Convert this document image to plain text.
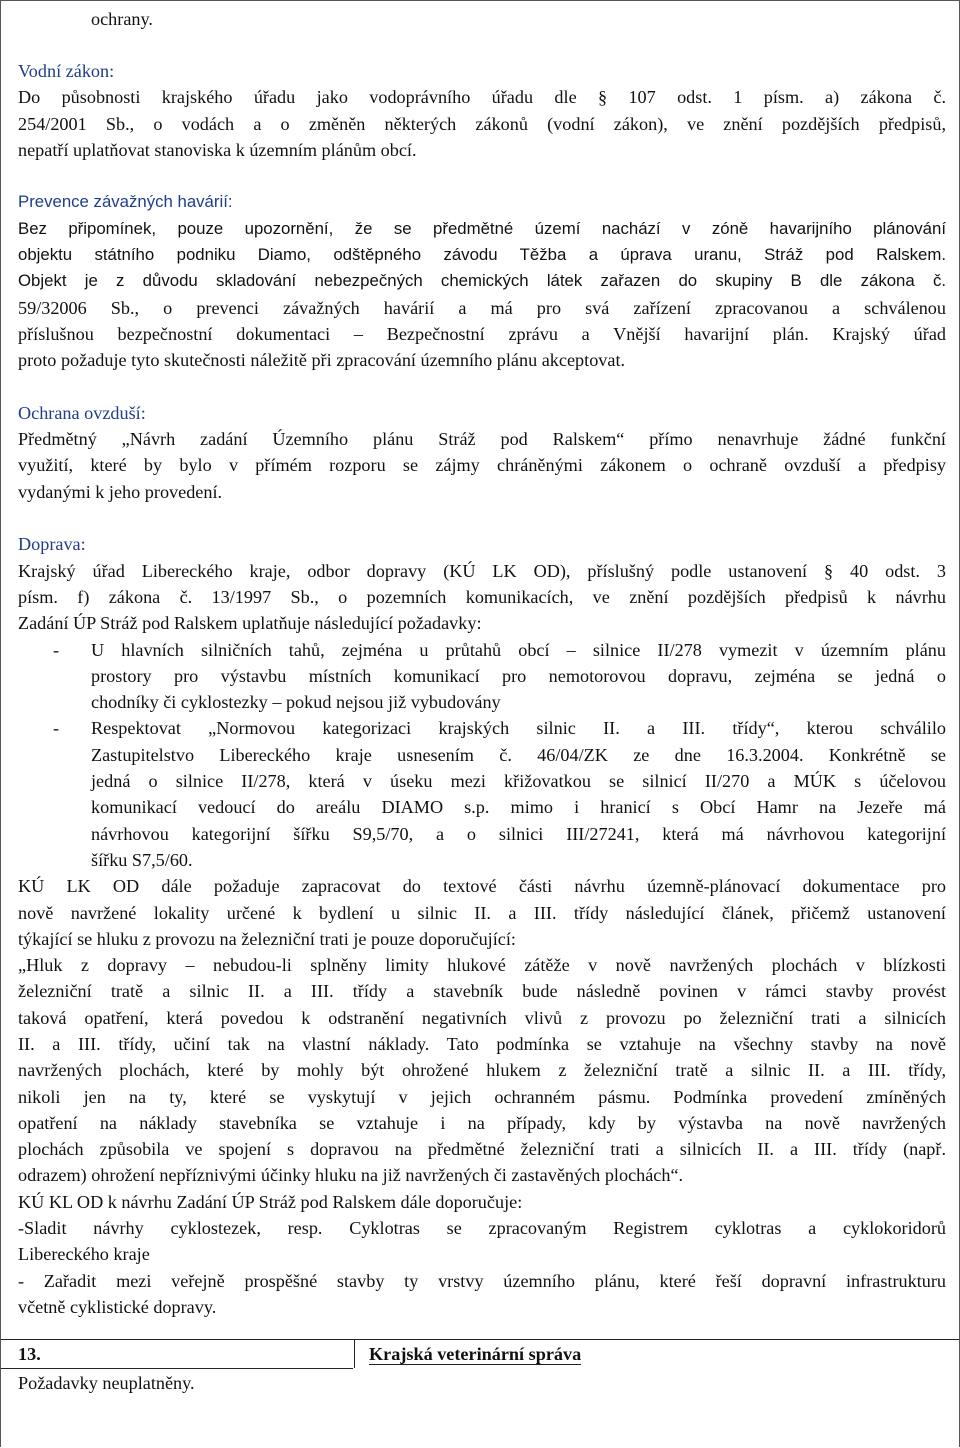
ochrany.

Vodní zákon:
Do působnosti krajského úřadu jako vodoprávního úřadu dle § 107 odst. 1 písm. a) zákona č.
254/2001 Sb., o vodách a o změněn některých zákonů (vodní zákon), ve znění pozdějších předpisů,
nepatří uplatňovat stanoviska k územním plánům obcí.
Prevence závažných havárií:
Bez připomínek, pouze upozornění, že se předmětné území nachází v zóně havarijního plánování
objektu státního podniku Diamo, odštěpného závodu Těžba a úprava uranu, Stráž pod Ralskem.
Objekt je z důvodu skladování nebezpečných chemických látek zařazen do skupiny B dle zákona č.
59/32006 Sb., o prevenci závažných havárií a má pro svá zařízení zpracovanou a schválenou
příslušnou bezpečnostní dokumentaci – Bezpečnostní zprávu a Vnější havarijní plán. Krajský úřad
proto požaduje tyto skutečnosti náležitě při zpracování územního plánu akceptovat.
Ochrana ovzduší:
Předmětný „Návrh zadání Územního plánu Stráž pod Ralskem“ přímo nenavrhuje žádné funkční
využití, které by bylo v přímém rozporu se zájmy chráněnými zákonem o ochraně ovzduší a předpisy
vydanými k jeho provedení.
Doprava:
Krajský úřad Libereckého kraje, odbor dopravy (KÚ LK OD), příslušný podle ustanovení § 40 odst. 3
písm. f) zákona č. 13/1997 Sb., o pozemních komunikacích, ve znění pozdějších předpisů k návrhu
Zadání ÚP Stráž pod Ralskem uplatňuje následující požadavky:
- U hlavních silničních tahů, zejména u průtahů obcí – silnice II/278 vymezit v územním plánu
prostory pro výstavbu místních komunikací pro nemotorovou dopravu, zejména se jedná o
chodníky či cyklostezky – pokud nejsou již vybudovány
- Respektovat „Normovou kategorizaci krajských silnic II. a III. třídy“, kterou schválilo
Zastupitelstvo Libereckého kraje usnesením č. 46/04/ZK ze dne 16.3.2004. Konkrétně se
jedná o silnice II/278, která v úseku mezi křižovatkou se silnicí II/270 a MÚK s účelovou
komunikací vedoucí do areálu DIAMO s.p. mimo i hranicí s Obcí Hamr na Jezeře má
návrhovou kategorijní šířku S9,5/70, a o silnici III/27241, která má návrhovou kategorijní
šířku S7,5/60.
KÚ LK OD dále požaduje zapracovat do textové části návrhu územně-plánovací dokumentace pro
nově navržené lokality určené k bydlení u silnic II. a III. třídy následující článek, přičemž ustanovení
týkající se hluku z provozu na železniční trati je pouze doporučující:
„Hluk z dopravy – nebudou-li splněny limity hlukové zátěže v nově navržených plochách v blízkosti
železniční tratě a silnic II. a III. třídy a stavebník bude následně povinen v rámci stavby provést
taková opatření, která povedou k odstranění negativních vlivů z provozu po železniční trati a silnicích
II. a III. třídy, učiní tak na vlastní náklady. Tato podmínka se vztahuje na všechny stavby na nově
navržených plochách, které by mohly být ohrožené hlukem z železniční tratě a silnic II. a III. třídy,
nikoli jen na ty, které se vyskytují v jejich ochranném pásmu. Podmínka provedení zmíněných
opatření na náklady stavebníka se vztahuje i na případy, kdy by výstavba na nově navržených
plochách způsobila ve spojení s dopravou na předmětné železniční trati a silnicích II. a III. třídy (např.
odrazem) ohrožení nepříznivými účinky hluku na již navržených či zastavěných plochách“.
KÚ KL OD k návrhu Zadání ÚP Stráž pod Ralskem dále doporučuje:
-Sladit návrhy cyklostezek, resp. Cyklotras se zpracovaným Registrem cyklotras a cyklokoridorů
Libereckého kraje
- Zařadit mezi veřejně prospěšné stavby ty vrstvy územního plánu, které řeší dopravní infrastrukturu
včetně cyklistické dopravy.
13.	Krajská veterinární správa
Požadavky neuplatněny.
